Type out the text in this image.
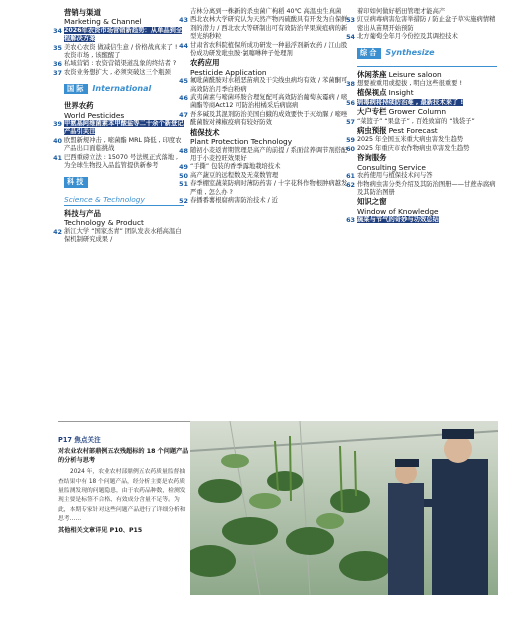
营销与渠道
Marketing & Channel
34 2026年农资市场营销新趋势：从单品到全程解决方案
35 美农心农资 做减信生意 / 价格战真来了 ! 农资市场 , 该醒醒了
36 私域营销 : 农资营销渠道乱象的终结者 ?
37 农资业务想扩大 , 必须突破这三个瓶颈
国际 International
世界农药
World Pesticides
39 甲氨基阿维菌素苯甲酸盐等二十余个新登记产品引关注
40 欧盟新规冲击 , 嘧菌酯 MRL 降低 , 印度农产品出口面临挑战
41 巴西重磅立法 : 15070 号法规正式落地 , 为全球生物投入品监管提供新参考
科技
Science & Technology
科技与产品
Technology & Product
42 浙江大学 “国家杰青” 团队发表水稻高温白保机制研究成果 /
吉林分离到一株新的杀虫菌广枸稻 40℃ 高温虫生真菌
43 西北农林大学研究认为天然产物丙硫酸具有开发为自保鲜剂的潜力 / 西北农大等研制出可有效防治苹果炭疽病的新型光纳秒粒
44 甘肃省农科院植保所成功研发一种悬浮剂新农药 / 江山股份成功研发吡虫胺·氯噻啉种子处理剂
农药应用
Pesticide Application
45 氟吡菌酰胺对水稻恶苗病及干尖线虫病均有效 / 苯菌酮可高效防治月季白粉病
46 武夷菌素与嘧菌环胺合理复配可高效防治葡萄灰霉病 / 嘧菌酯等商Act12 可防治柑橘采后病腐病
47 吾多碱及其混剂防治美国白蛾的成效要快于灭幼脲 / 嘧唑酰菌胺对辣椒疫病有较好防效
植保技术
Plant Protection Technology
48 随初小麦返青期管理是高产的前提 / 系面营养调节剂搭配用于小麦控旺效果好
49 “手撕” 包装的香季露地栽培技术
50 高产蔬豆的远程数及无菜数管理
51 春季棚室蔬菜防病时薄防药害 / 十字花科作物根肿病越发严重 , 怎么办 ?
52 春播番薯根腐病害防治技术 / 近
着印如何做好稻田管理才能高产
53 豇豆病毒病害危害举措防 / 防止盆子草实施病情精密出从苗期开始预防
54 北方葡萄全年月今份控及其调控技术
综合 Synthesize
休闲茶座 Leisure saloon
38 想要被重用或提拔 , 明白这些很重要 !
植保视点 Insight
56 病毒病将持续防治难 , 最新技术来了 !
大户专栏 Grower Column
57 “菜篮子” “果盘子” , 百姓致富的 “钱袋子”
病虫预报 Pest Forecast
59 2025 年全国玉米重大病虫害发生趋势
60 2025 年重庆市农作物病虫草害发生趋势
咨询服务
Consulting Service
61 农药使用与植保技术问与答
62 作物病虫害分类介绍及其防治图册——甘蔗赤腐病及其防治图册
知识之窗
Window of Knowledge
63 蔬菜与节气的奇妙与功效总结
P17 焦点关注
对农业农村部鼎例五农残超标的 18 个问题产品的分析与思考
2024 年，农业农村部鼎例五农药质量监督抽查结果中有 18 个问题产品，经分析主要是农药质量监测发现的问题隐患，由于农药品种数，检测发现主要是标签不合格、有效成分含量不足等。为此，本期专家针对这些问题产品进行了详细分析和思考……
其他相关文章详见 P10、P15
